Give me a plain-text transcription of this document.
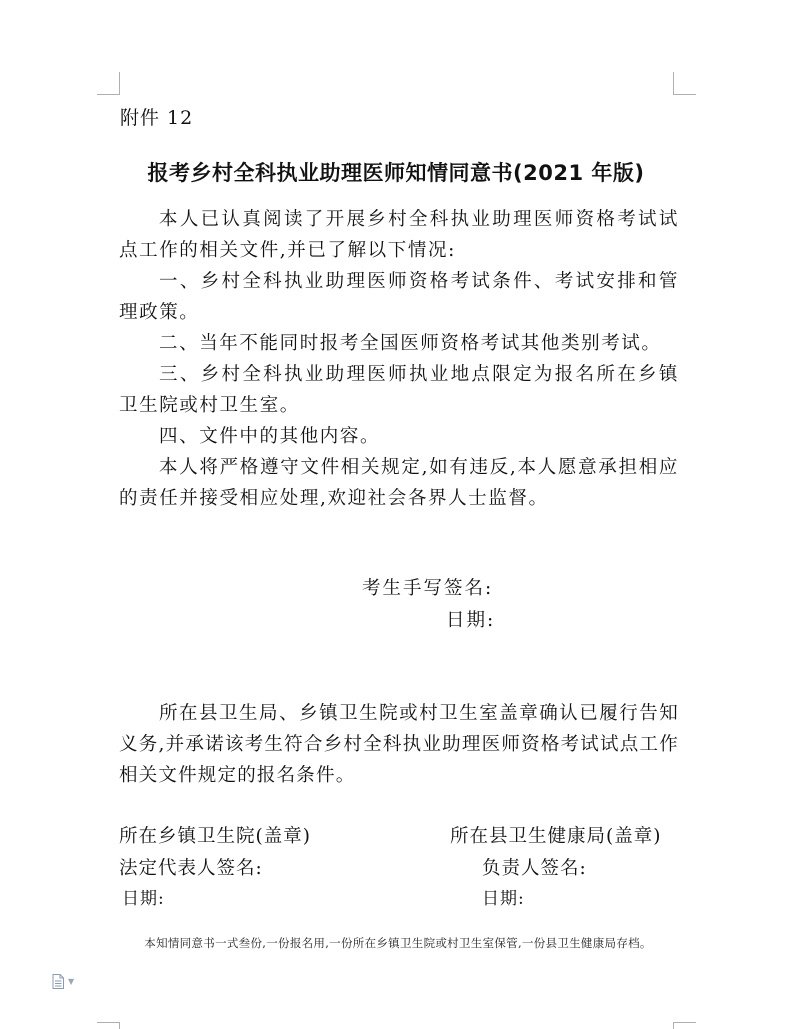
附件 12
报考乡村全科执业助理医师知情同意书(2021 年版)

本人已认真阅读了开展乡村全科执业助理医师资格考试试点工作的相关文件,并已了解以下情况:

一、乡村全科执业助理医师资格考试条件、考试安排和管理政策。

二、当年不能同时报考全国医师资格考试其他类别考试。

三、乡村全科执业助理医师执业地点限定为报名所在乡镇卫生院或村卫生室。

四、文件中的其他内容。

本人将严格遵守文件相关规定,如有违反,本人愿意承担相应的责任并接受相应处理,欢迎社会各界人士监督。

考生手写签名:
日期:

所在县卫生局、乡镇卫生院或村卫生室盖章确认已履行告知义务,并承诺该考生符合乡村全科执业助理医师资格考试试点工作相关文件规定的报名条件。

所在乡镇卫生院(盖章)	所在县卫生健康局(盖章)
法定代表人签名:	负责人签名:
日期:	日期:
本知情同意书一式叁份,一份报名用,一份所在乡镇卫生院或村卫生室保管,一份县卫生健康局存档。
▼
